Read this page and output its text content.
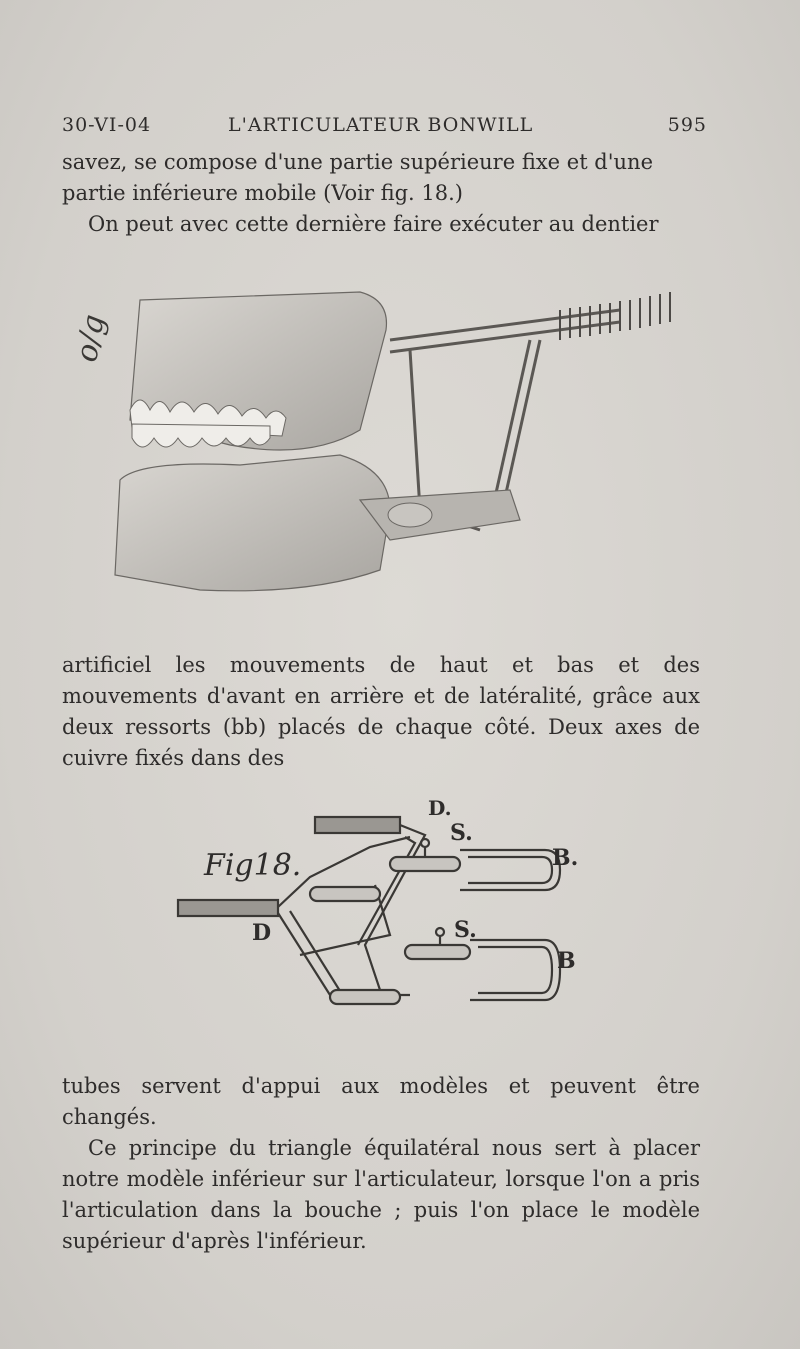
30-VI-04	L'ARTICULATEUR BONWILL	595
savez, se compose d'une partie supérieure fixe et d'une
partie inférieure mobile (Voir fig. 18.)
On peut avec cette dernière faire exécuter au dentier
o/g
artificiel les mouvements de haut et bas et des mouvements d'avant en arrière et de latéralité, grâce aux deux ressorts (bb) placés de chaque côté. Deux axes de cuivre fixés dans des
Fig18.
D.
S.
B.
D	S.
B
tubes servent d'appui aux modèles et peuvent être changés.
Ce principe du triangle équilatéral nous sert à placer notre modèle inférieur sur l'articulateur, lorsque l'on a pris l'articulation dans la bouche ; puis l'on place le modèle supérieur d'après l'inférieur.
